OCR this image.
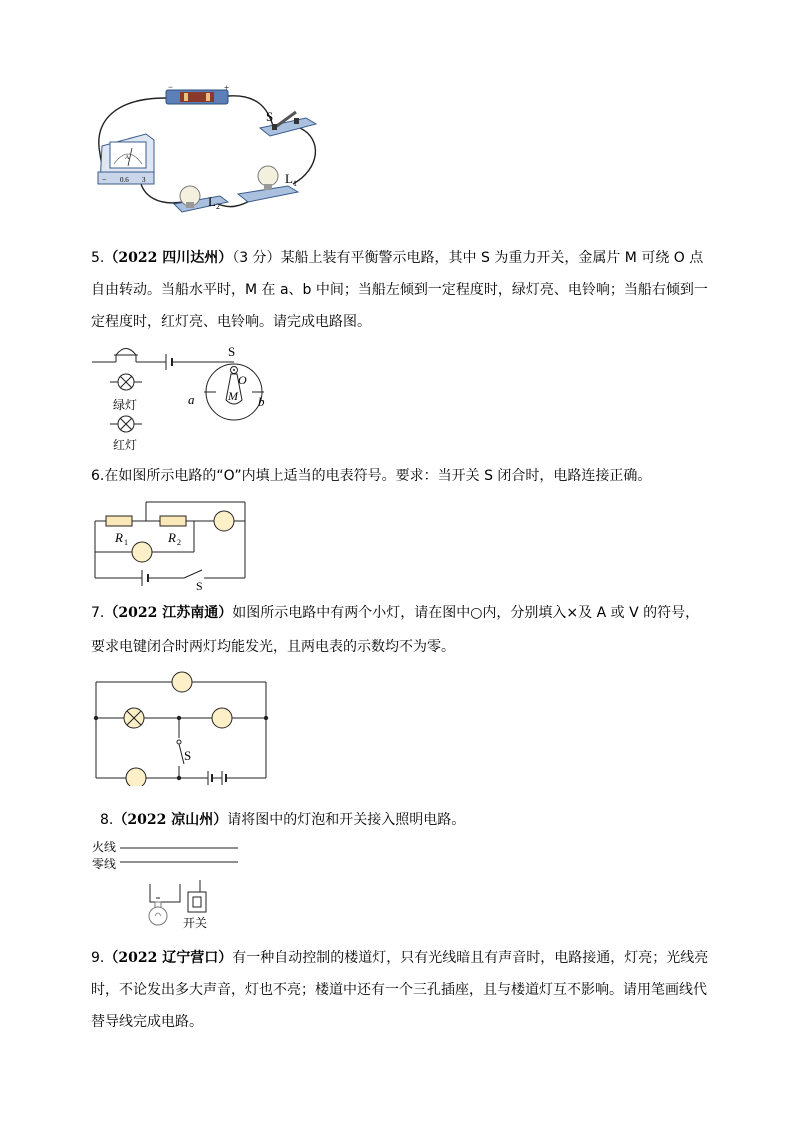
−	+
A
− 0.6 3
S
L 1
L 2
5.（2022 四川达州）（3 分）某船上装有平衡警示电路，其中 S 为重力开关，金属片 M 可绕 O 点自由转动。当船水平时，M 在 a、b 中间；当船左倾到一定程度时，绿灯亮、电铃响；当船右倾到一定程度时，红灯亮、电铃响。请完成电路图。
S
O
M
a	b
绿灯
红灯
6.在如图所示电路的“O”内填上适当的电表符号。要求：当开关 S 闭合时，电路连接正确。
R 1	R 2
S
7.（2022 江苏南通）如图所示电路中有两个小灯，请在图中○内，分别填入×及 A 或 V 的符号，要求电键闭合时两灯均能发光，且两电表的示数均不为零。
S
8.（2022 凉山州）请将图中的灯泡和开关接入照明电路。
火线
零线
开关
9.（2022 辽宁营口）有一种自动控制的楼道灯，只有光线暗且有声音时，电路接通，灯亮；光线亮时，不论发出多大声音，灯也不亮；楼道中还有一个三孔插座，且与楼道灯互不影响。请用笔画线代替导线完成电路。
